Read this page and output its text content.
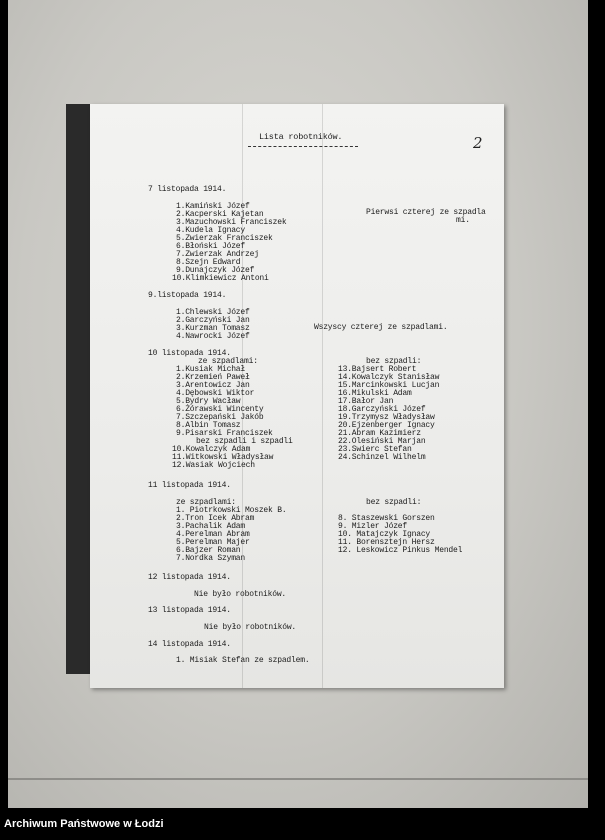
Lista robotników.	2
7 listopada 1914.
1.Kamiński Józef
2.Kacperski Kajetan
3.Mazuchowski Franciszek
4.Kudela Ignacy
5.Zwierzak Franciszek
6.Błoński Józef
7.Zwierzak Andrzej
8.Szejn Edward
9.Dunajczyk Józef
10.Klimkiewicz Antoni
Pierwsi czterej ze szpadla
mi.
9.listopada 1914.
1.Chlewski Józef
2.Garczyński Jan
3.Kurzman Tomasz
4.Nawrocki Józef
Wszyscy czterej ze szpadlami.
10 listopada 1914.
ze szpadlami:	bez szpadli:
1.Kusiak Michał
2.Krzemień Paweł
3.Arentowicz Jan
4.Dębowski Wiktor
5.Bydry Wacław
6.Żórawski Wincenty
7.Szczepański Jakób
8.Albin Tomasz
9.Pisarski Franciszek
bez szpadli i szpadli
10.Kowalczyk Adam
11.Witkowski Władysław
12.Wasiak Wojciech
13.Bajsert Robert
14.Kowalczyk Stanisław
15.Marcinkowski Lucjan
16.Mikulski Adam
17.Bałor Jan
18.Garczyński Józef
19.Trzymysz Władysław
20.Ejzenberger Ignacy
21.Abram Kazimierz
22.Olesiński Marjan
23.Swierc Stefan
24.Schinzel Wilhelm
11 listopada 1914.
ze szpadlami:	bez szpadli:
1. Piotrkowski Moszek B.
2.Tron Icek Abram
3.Pachalik Adam
4.Perelman Abram
5.Perelman Majer
6.Bajzer Roman
7.Nordka Szyman
8. Staszewski Gorszen
9. Mizler Józef
10. Matajczyk Ignacy
11. Borensztejn Hersz
12. Leskowicz Pinkus Mendel
12 listopada 1914.
Nie było robotników.
13 listopada 1914.
Nie było robotników.
14 listopada 1914.
1. Misiak Stefan ze szpadlem.
Archiwum Państwowe w Łodzi
